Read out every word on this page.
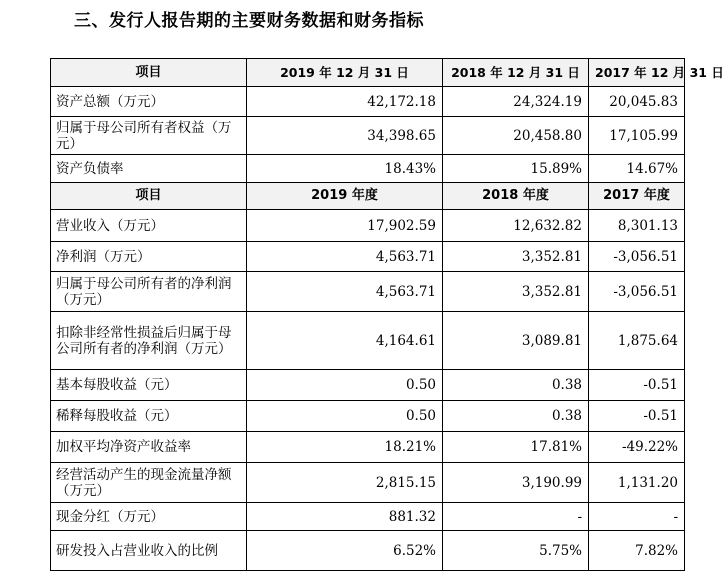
三、发行人报告期的主要财务数据和财务指标
项目	2019 年 12 月 31 日	2018 年 12 月 31 日	2017 年 12 月 31 日
资产总额（万元）	42,172.18	24,324.19	20,045.83
归属于母公司所有者权益（万元）	34,398.65	20,458.80	17,105.99
资产负债率	18.43%	15.89%	14.67%
项目	2019 年度	2018 年度	2017 年度
营业收入（万元）	17,902.59	12,632.82	8,301.13
净利润（万元）	4,563.71	3,352.81	-3,056.51
归属于母公司所有者的净利润（万元）	4,563.71	3,352.81	-3,056.51
扣除非经常性损益后归属于母公司所有者的净利润（万元）	4,164.61	3,089.81	1,875.64
基本每股收益（元）	0.50	0.38	-0.51
稀释每股收益（元）	0.50	0.38	-0.51
加权平均净资产收益率	18.21%	17.81%	-49.22%
经营活动产生的现金流量净额（万元）	2,815.15	3,190.99	1,131.20
现金分红（万元）	881.32	-	-
研发投入占营业收入的比例	6.52%	5.75%	7.82%
